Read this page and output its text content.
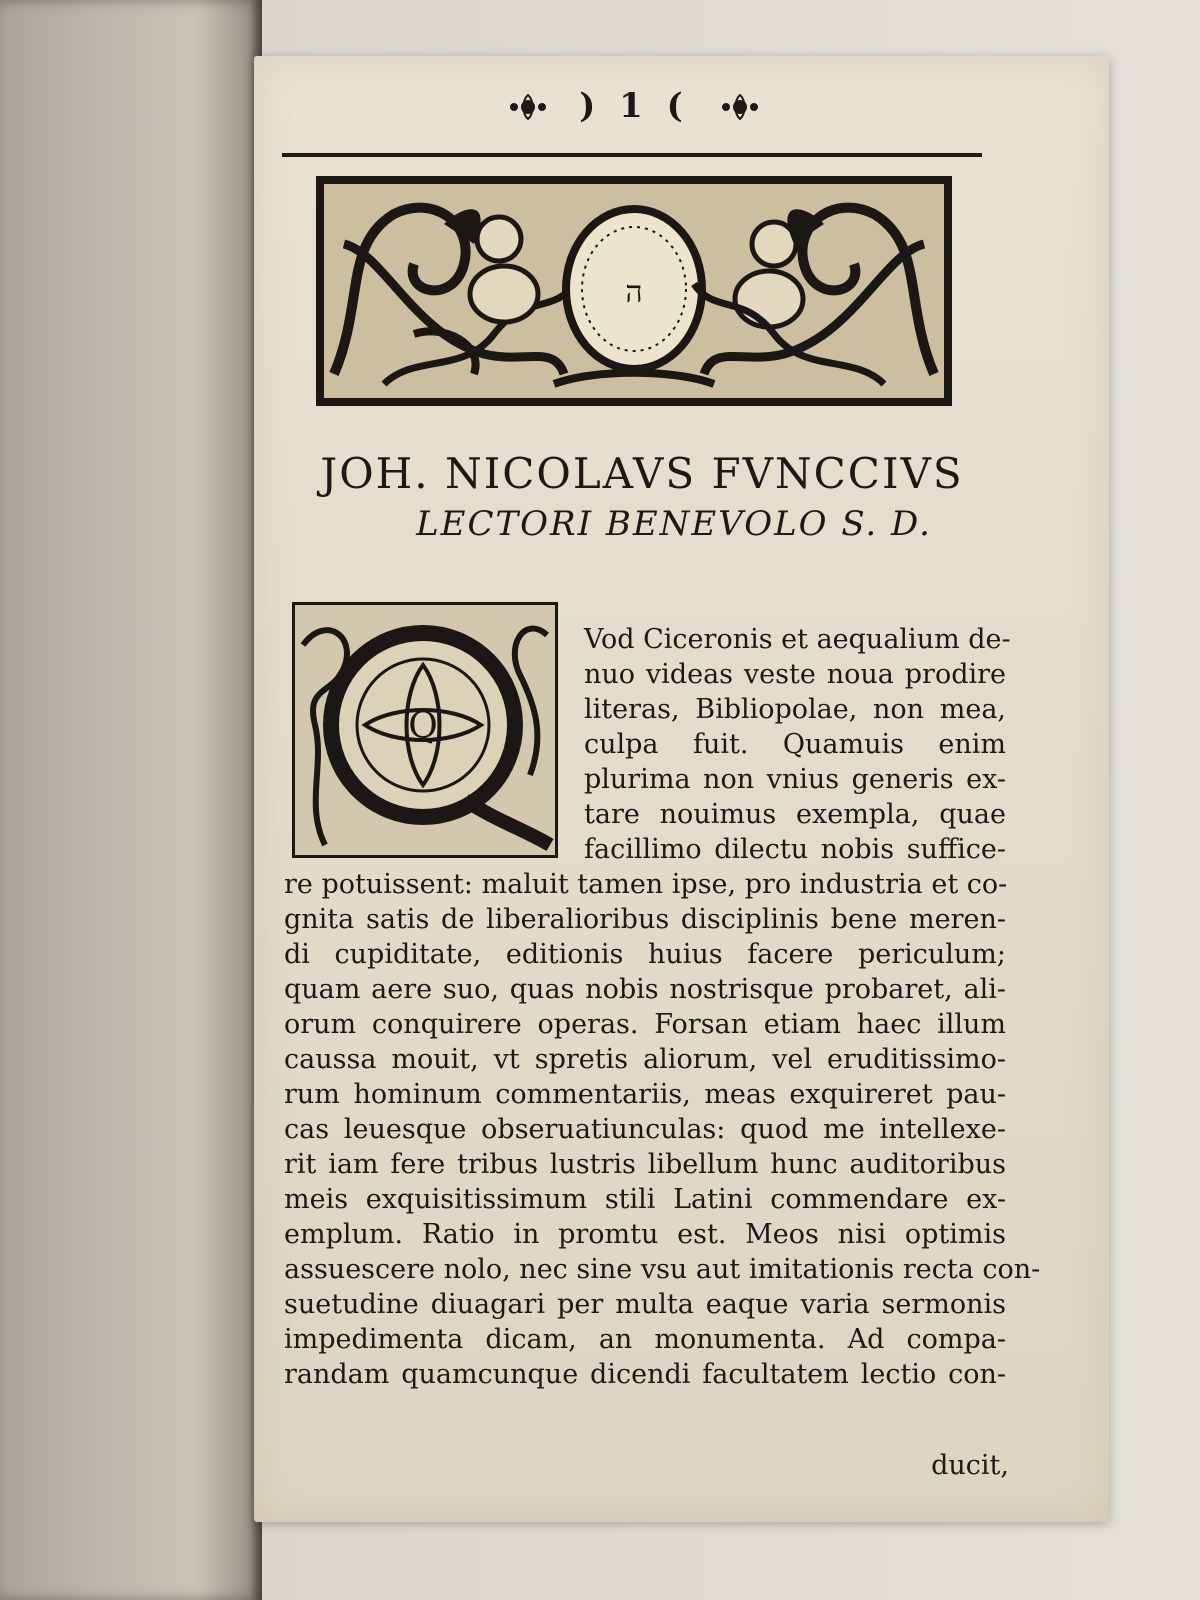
) 1 (
ה
JOH. NICOLAVS FVNCCIVS
LECTORI BENEVOLO S. D.
Q
Vod Ciceronis et aequalium de-
nuo videas veste noua prodire
literas, Bibliopolae, non mea,
culpa fuit. Quamuis enim
plurima non vnius generis ex-
tare nouimus exempla, quae
facillimo dilectu nobis suffice-
re potuissent: maluit tamen ipse, pro industria et co-
gnita satis de liberalioribus disciplinis bene meren-
di cupiditate, editionis huius facere periculum;
quam aere suo, quas nobis nostrisque probaret, ali-
orum conquirere operas. Forsan etiam haec illum
caussa mouit, vt spretis aliorum, vel eruditissimo-
rum hominum commentariis, meas exquireret pau-
cas leuesque obseruatiunculas: quod me intellexe-
rit iam fere tribus lustris libellum hunc auditoribus
meis exquisitissimum stili Latini commendare ex-
emplum. Ratio in promtu est. Meos nisi optimis
assuescere nolo, nec sine vsu aut imitationis recta con-
suetudine diuagari per multa eaque varia sermonis
impedimenta dicam, an monumenta. Ad compa-
randam quamcunque dicendi facultatem lectio con-
ducit,
